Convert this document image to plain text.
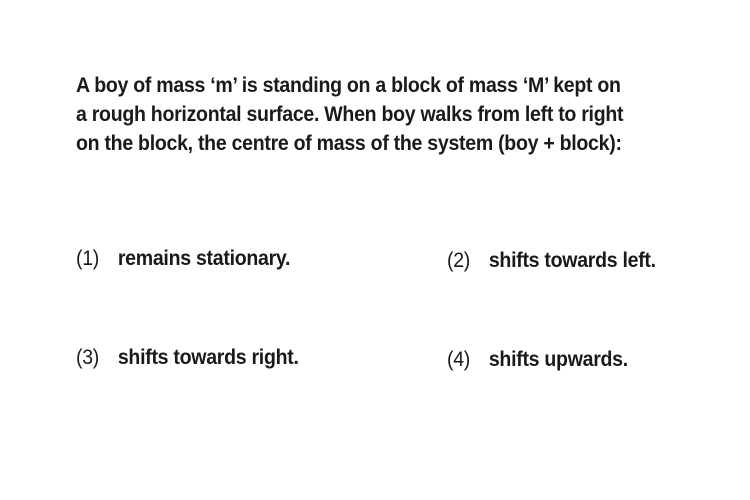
A boy of mass ‘m’ is standing on a block of mass ‘M’ kept on a rough horizontal surface. When boy walks from left to right on the block, the centre of mass of the system (boy + block):
(1) remains stationary.	(2) shifts towards left.
(3) shifts towards right.	(4) shifts upwards.
